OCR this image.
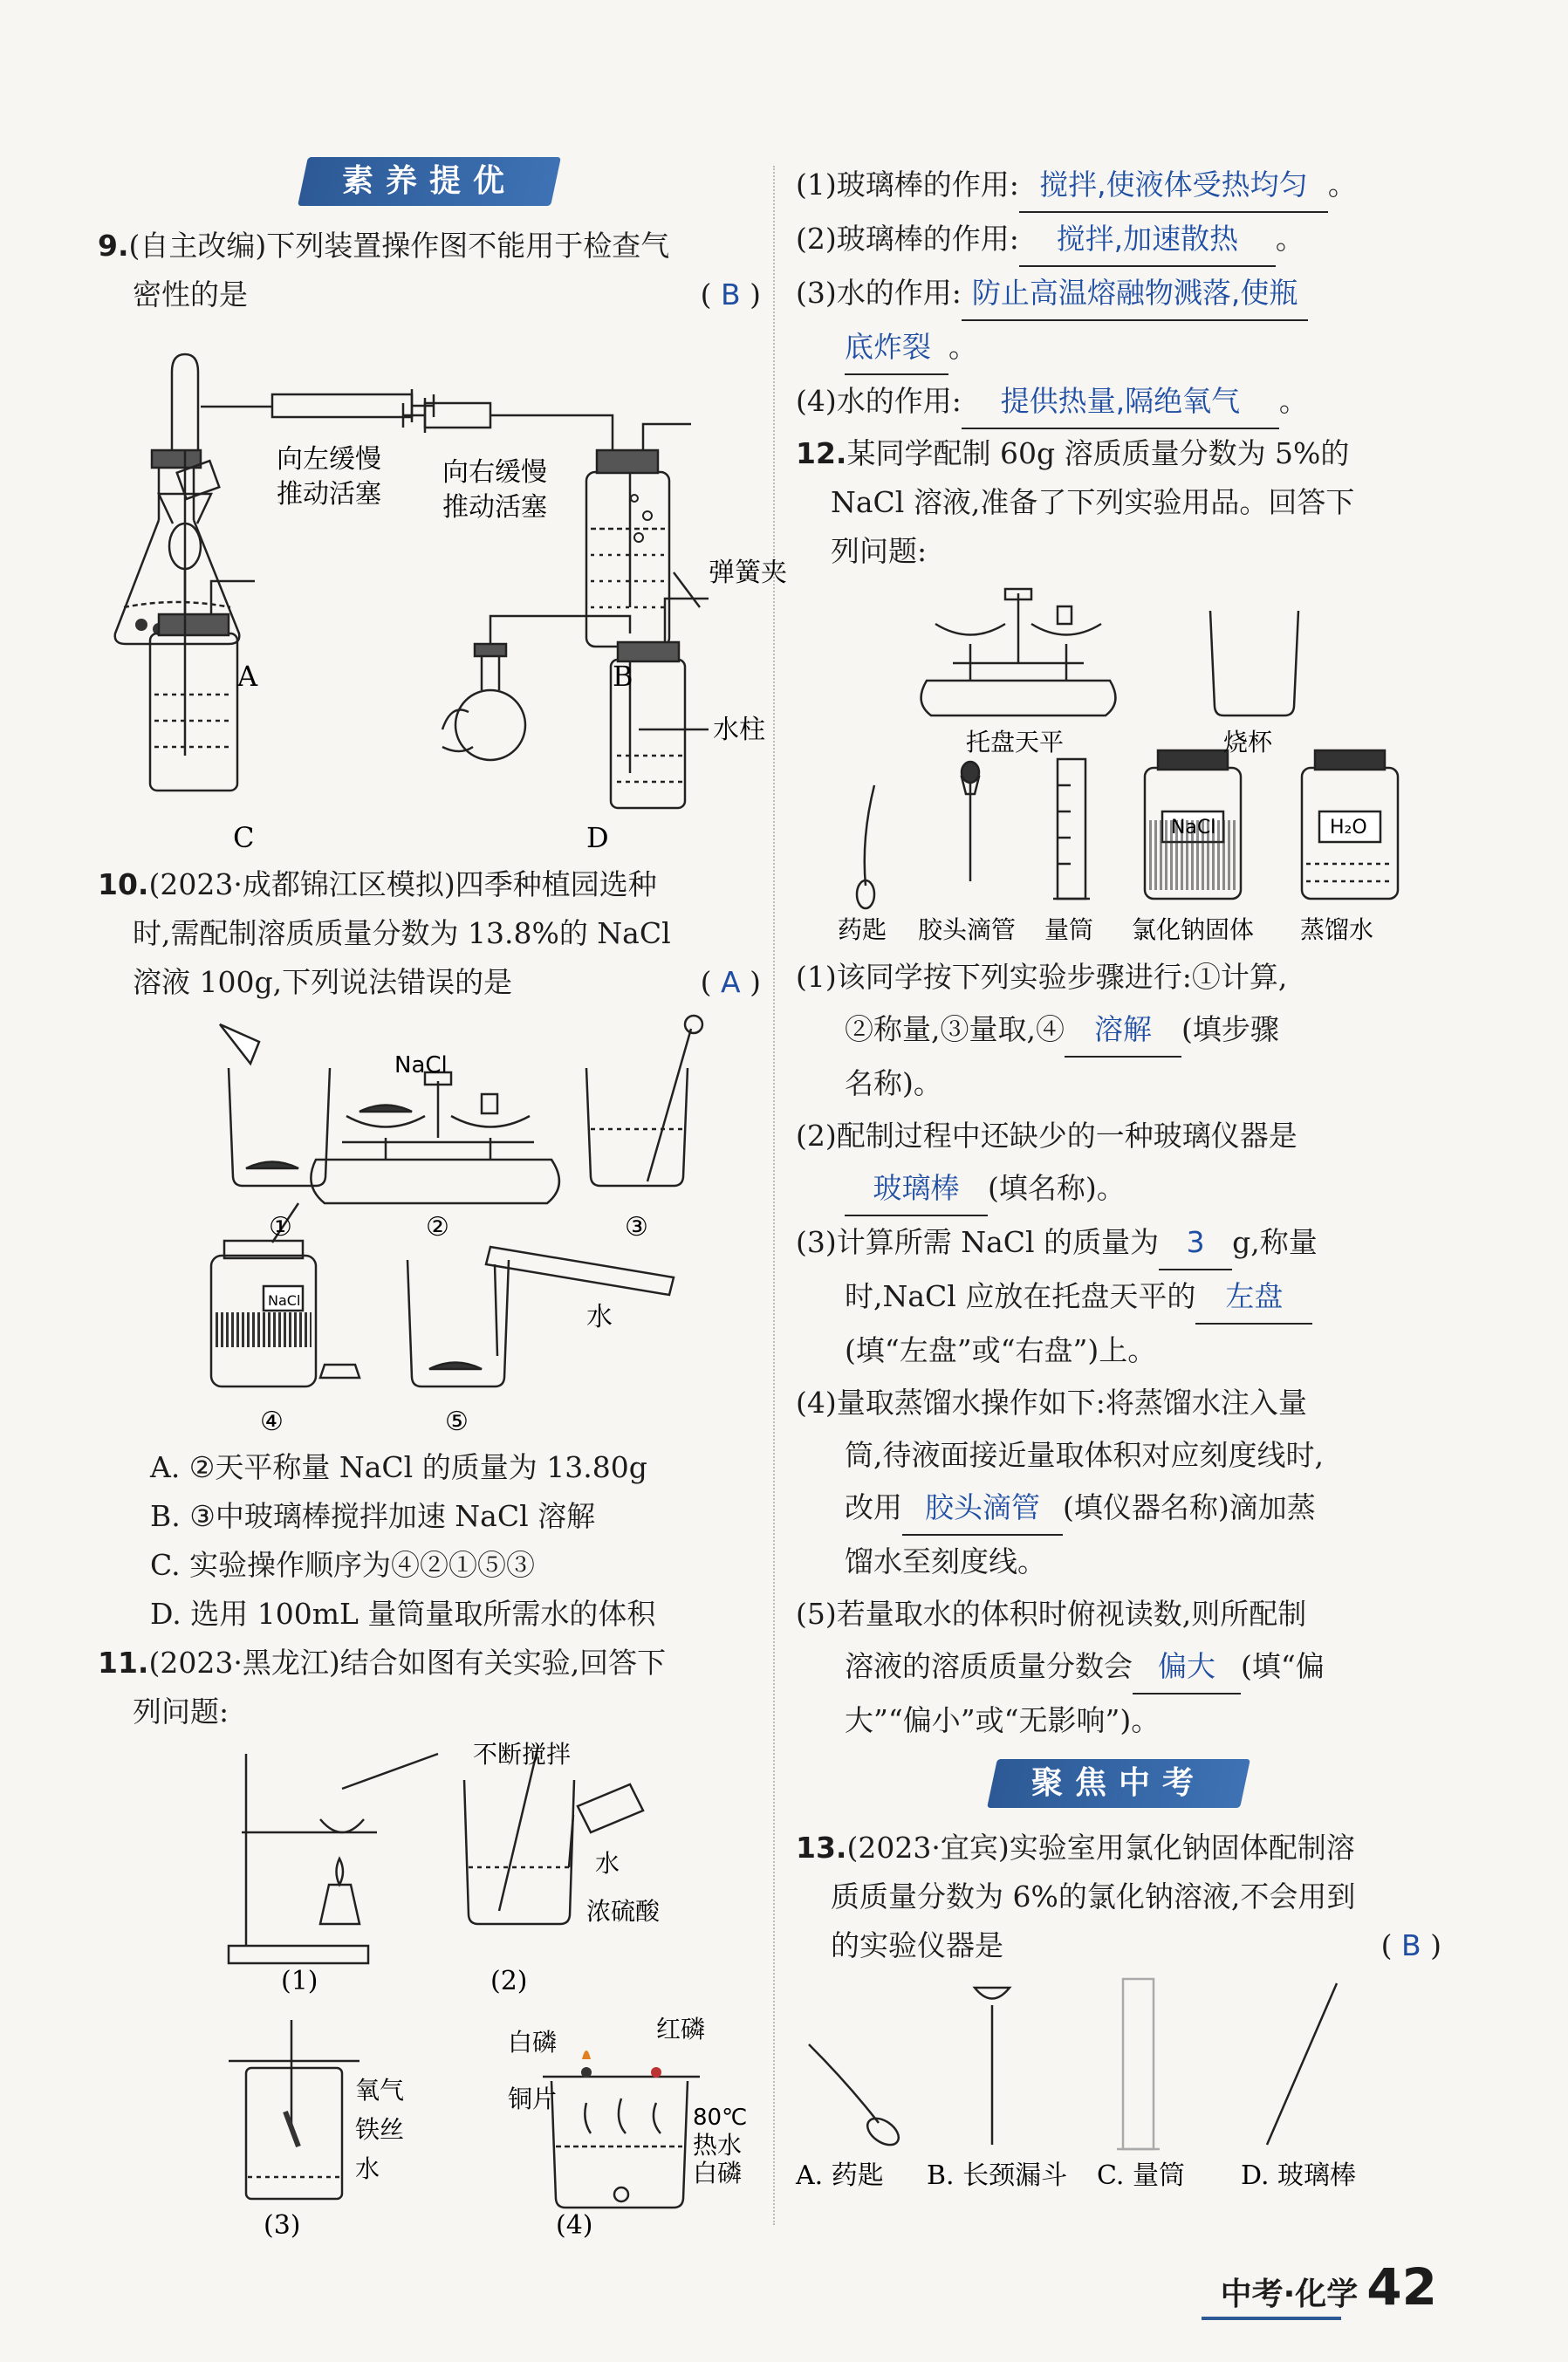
素养提优
9.(自主改编)下列装置操作图不能用于检查气
密性的是	( B )
向左缓慢
推动活塞
向右缓慢
推动活塞
弹簧夹
水柱
A	B
C	D
10.(2023·成都锦江区模拟)四季种植园选种
时,需配制溶质质量分数为 13.8%的 NaCl
溶液 100g,下列说法错误的是	( A )
NaCl
NaCl
水
①	②	③
④	⑤
A. ②天平称量 NaCl 的质量为 13.80g
B. ③中玻璃棒搅拌加速 NaCl 溶解
C. 实验操作顺序为④②①⑤③
D. 选用 100mL 量筒量取所需水的体积
11.(2023·黑龙江)结合如图有关实验,回答下
列问题:
不断搅拌
水
浓硫酸
氧气
铁丝
水
红磷
白磷
铜片
80℃
热水
白磷
(1)	(2)
(3)	(4)
(1)玻璃棒的作用: 搅拌,使液体受热均匀 。
(2)玻璃棒的作用: 搅拌,加速散热 。
(3)水的作用: 防止高温熔融物溅落,使瓶
底炸裂 。
(4)水的作用: 提供热量,隔绝氧气 。
12.某同学配制 60g 溶质质量分数为 5%的
NaCl 溶液,准备了下列实验用品。回答下
列问题:
NaCl	H₂O
托盘天平	烧杯
药匙 胶头滴管 量筒 氯化钠固体 蒸馏水
(1)该同学按下列实验步骤进行:①计算,
②称量,③量取,④ 溶解 (填步骤
名称)。
(2)配制过程中还缺少的一种玻璃仪器是
玻璃棒 (填名称)。
(3)计算所需 NaCl 的质量为 3 g,称量
时,NaCl 应放在托盘天平的 左盘
(填“左盘”或“右盘”)上。
(4)量取蒸馏水操作如下:将蒸馏水注入量
筒,待液面接近量取体积对应刻度线时,
改用 胶头滴管 (填仪器名称)滴加蒸
馏水至刻度线。
(5)若量取水的体积时俯视读数,则所配制
溶液的溶质质量分数会 偏大 (填“偏
大”“偏小”或“无影响”)。
聚焦中考
13.(2023·宜宾)实验室用氯化钠固体配制溶
质质量分数为 6%的氯化钠溶液,不会用到
的实验仪器是	( B )
A. 药匙 B. 长颈漏斗 C. 量筒 D. 玻璃棒
中考·化学 42
